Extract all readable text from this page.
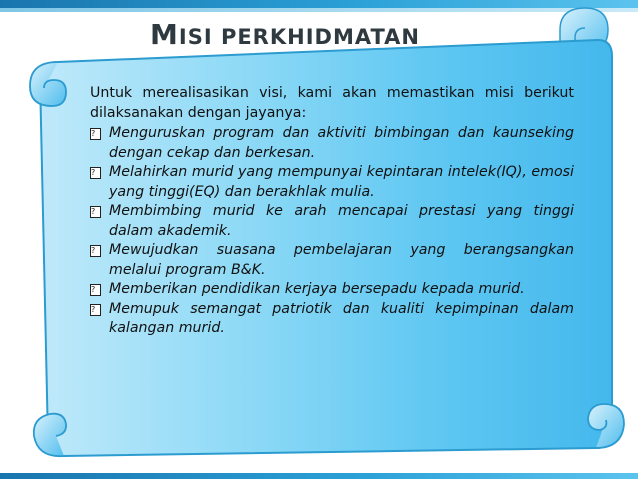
MISI PERKHIDMATAN

Untuk merealisasikan visi, kami akan memastikan misi berikut dilaksanakan dengan jayanya:

? Menguruskan program dan aktiviti bimbingan dan kaunseking dengan cekap dan berkesan.
? Melahirkan murid yang mempunyai kepintaran intelek(IQ), emosi yang tinggi(EQ) dan berakhlak mulia.
? Membimbing murid ke arah mencapai prestasi yang tinggi dalam akademik.
? Mewujudkan suasana pembelajaran yang berangsangkan melalui program B&K.
? Memberikan pendidikan kerjaya bersepadu kepada murid.
? Memupuk semangat patriotik dan kualiti kepimpinan dalam kalangan murid.
